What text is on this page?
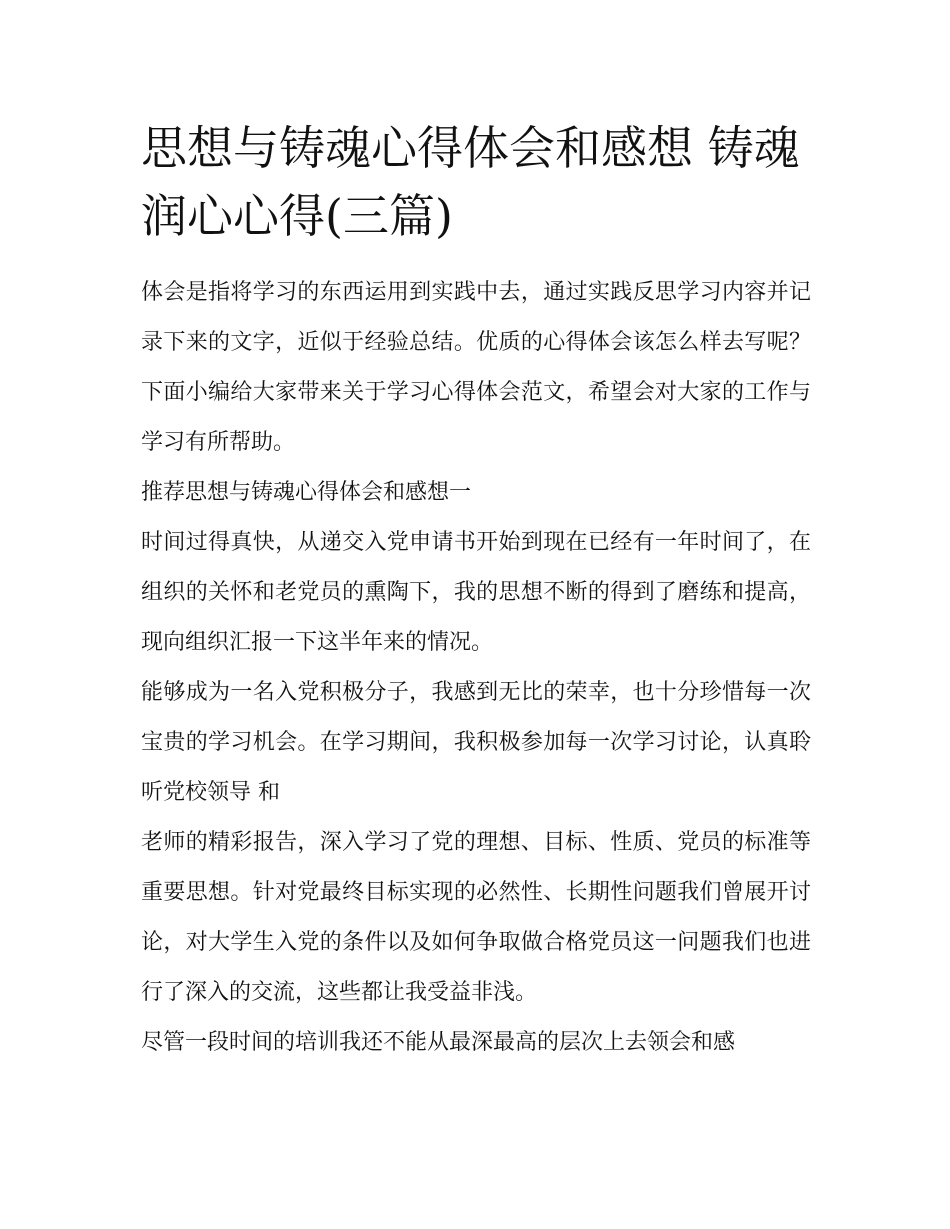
思想与铸魂心得体会和感想 铸魂润心心得(三篇)

体会是指将学习的东西运用到实践中去，通过实践反思学习内容并记录下来的文字，近似于经验总结。优质的心得体会该怎么样去写呢？下面小编给大家带来关于学习心得体会范文，希望会对大家的工作与学习有所帮助。

推荐思想与铸魂心得体会和感想一

时间过得真快，从递交入党申请书开始到现在已经有一年时间了，在组织的关怀和老党员的熏陶下，我的思想不断的得到了磨练和提高，现向组织汇报一下这半年来的情况。

能够成为一名入党积极分子，我感到无比的荣幸，也十分珍惜每一次宝贵的学习机会。在学习期间，我积极参加每一次学习讨论，认真聆听党校领导 和

老师的精彩报告，深入学习了党的理想、目标、性质、党员的标准等重要思想。针对党最终目标实现的必然性、长期性问题我们曾展开讨论，对大学生入党的条件以及如何争取做合格党员这一问题我们也进行了深入的交流，这些都让我受益非浅。

尽管一段时间的培训我还不能从最深最高的层次上去领会和感
